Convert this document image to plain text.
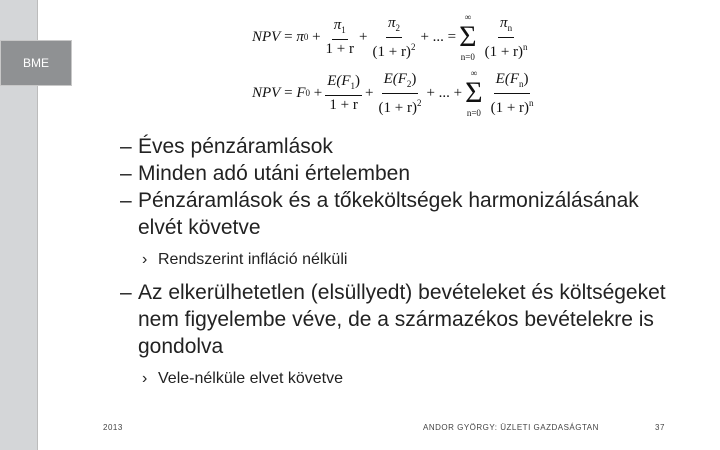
BME
NPV = π $0 + \frac{\pi_1}{1 + r} + \frac{\pi_2}{(1 + r)^2}$ + ... =
∞
Σ
$n=0 \frac{\pi_n}{(1 + r)^n}$
NPV = F $0 + \frac{E(F_1)}{1 + r} + \frac{E(F_2)}{(1 + r)^2}$ + ... +
∞
Σ
$n=0 \frac{E(F_n)}{(1 + r)^n}$

– Éves pénzáramlások

– Minden adó utáni értelemben

– Pénzáramlások és a tőkeköltségek harmonizálásának elvét követve

› Rendszerint infláció nélküli

– Az elkerülhetetlen (elsüllyedt) bevételeket és költségeket nem figyelembe véve, de a származékos bevételekre is gondolva

› Vele-nélküle elvet követve

2013	ANDOR GYÖRGY: ÜZLETI GAZDASÁGTAN	37
